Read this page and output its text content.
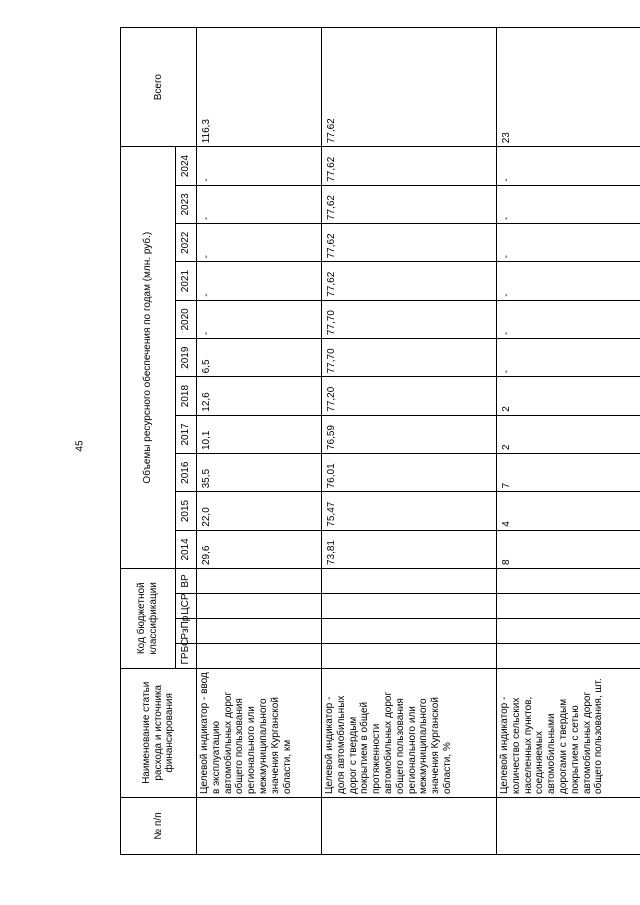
45
№ п/п	Наименование статьи расхода и источника финансирования	Код бюджетной классификации				Объемы ресурсного обеспечения по годам (млн. руб.)											Всего
		ГРБС	РзПр	ЦСР	ВР	2014	2015	2016	2017	2018	2019	2020	2021	2022	2023	2024	
	Целевой индикатор - ввод в эксплуатацию автомобильных дорог общего пользования регионального или межмуниципального значения Курганской области, км					29,6	22,0	35,5	10,1	12,6	6,5	-	-	-	-	-	116,3
	Целевой индикатор - доля автомобильных дорог с твердым покрытием в общей протяженности автомобильных дорог общего пользования регионального или межмуниципального значения Курганской области, %					73,81	75,47	76,01	76,59	77,20	77,70	77,70	77,62	77,62	77,62	77,62	77,62
	Целевой индикатор - количество сельских населенных пунктов, соединяемых автомобильными дорогами с твердым покрытием с сетью автомобильных дорог общего пользования, шт.					8	4	7	2	2	-	-	-	-	-	-	23
